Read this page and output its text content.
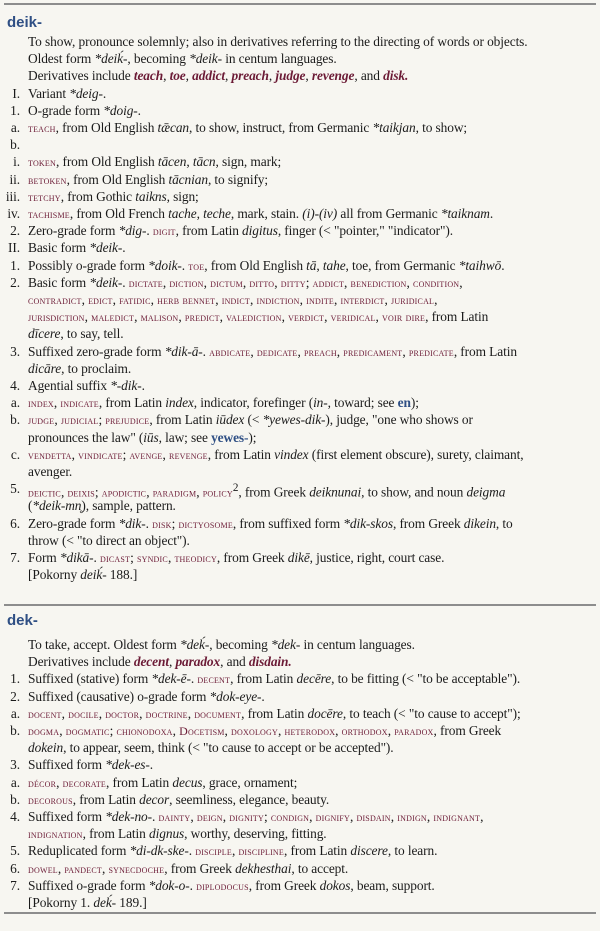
deik-
To show, pronounce solemnly; also in derivatives referring to the directing of words or objects.
Oldest form *deiḱ-, becoming *deik- in centum languages.
Derivatives include teach, toe, addict, preach, judge, revenge, and disk.
I. Variant *deig-.
1. O-grade form *doig-.
a. teach, from Old English tǣcan, to show, instruct, from Germanic *taikjan, to show;
b.
i. token, from Old English tācen, tācn, sign, mark;
ii. betoken, from Old English tācnian, to signify;
iii. tetchy, from Gothic taikns, sign;
iv. tachisme, from Old French tache, teche, mark, stain. (i)-(iv) all from Germanic *taiknam.
2. Zero-grade form *dig-. digit, from Latin digitus, finger (< "pointer," "indicator").
II. Basic form *deik-.
1. Possibly o-grade form *doik-. toe, from Old English tā, tahe, toe, from Germanic *taihwō.
2. Basic form *deik-. dictate, diction, dictum, ditto, ditty; addict, benediction, condition,
contradict, edict, fatidic, herb bennet, indict, indiction, indite, interdict, juridical,
jurisdiction, maledict, malison, predict, valediction, verdict, veridical, voir dire, from Latin
dīcere, to say, tell.
3. Suffixed zero-grade form *dik-ā-. abdicate, dedicate, preach, predicament, predicate, from Latin
dicāre, to proclaim.
4. Agential suffix *-dik-.
a. index, indicate, from Latin index, indicator, forefinger (in-, toward; see en);
b. judge, judicial; prejudice, from Latin iūdex (< *yewes-dik-), judge, "one who shows or
pronounces the law" (iūs, law; see yewes-);
c. vendetta, vindicate; avenge, revenge, from Latin vindex (first element obscure), surety, claimant,
avenger.
5. deictic, deixis; apodictic, paradigm, policy$^2$, from Greek deiknunai, to show, and noun deigma
(*deik-mn̥), sample, pattern.
6. Zero-grade form *dik-. disk; dictyosome, from suffixed form *dik-skos, from Greek dikein, to
throw (< "to direct an object").
7. Form *dikā-. dicast; syndic, theodicy, from Greek dikē, justice, right, court case.
[Pokorny deiḱ- 188.]
dek-
To take, accept. Oldest form *deḱ-, becoming *dek- in centum languages.
Derivatives include decent, paradox, and disdain.
1. Suffixed (stative) form *dek-ē-. decent, from Latin decēre, to be fitting (< "to be acceptable").
2. Suffixed (causative) o-grade form *dok-eye-.
a. docent, docile, doctor, doctrine, document, from Latin docēre, to teach (< "to cause to accept");
b. dogma, dogmatic; chionodoxa, Docetism, doxology, heterodox, orthodox, paradox, from Greek
dokein, to appear, seem, think (< "to cause to accept or be accepted").
3. Suffixed form *dek-es-.
a. décor, decorate, from Latin decus, grace, ornament;
b. decorous, from Latin decor, seemliness, elegance, beauty.
4. Suffixed form *dek-no-. dainty, deign, dignity; condign, dignify, disdain, indign, indignant,
indignation, from Latin dignus, worthy, deserving, fitting.
5. Reduplicated form *di-dk-ske-. disciple, discipline, from Latin discere, to learn.
6. dowel, pandect, synecdoche, from Greek dekhesthai, to accept.
7. Suffixed o-grade form *dok-o-. diplodocus, from Greek dokos, beam, support.
[Pokorny 1. deḱ- 189.]
